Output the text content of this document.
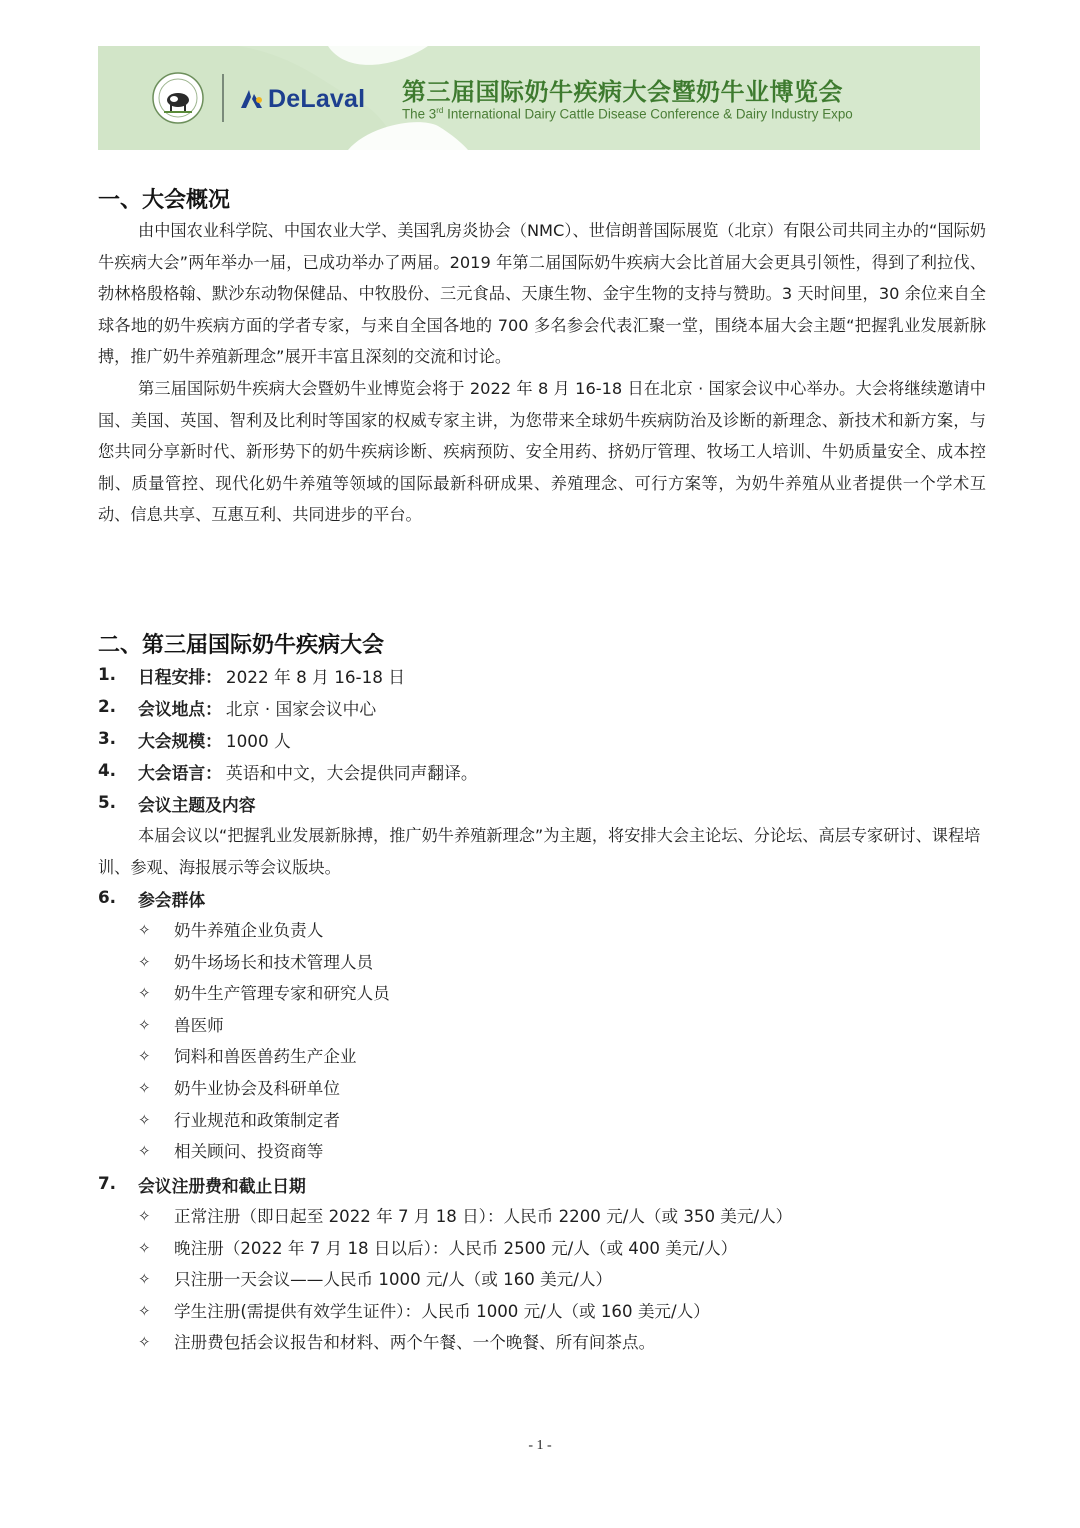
DeLaval 第三届国际奶牛疾病大会暨奶牛业博览会
The 3rd International Dairy Cattle Disease Conference & Dairy Industry Expo
一、大会概况

由中国农业科学院、中国农业大学、美国乳房炎协会（NMC）、世信朗普国际展览（北京）有限公司共同主办的“国际奶牛疾病大会”两年举办一届，已成功举办了两届。2019 年第二届国际奶牛疾病大会比首届大会更具引领性，得到了利拉伐、勃林格殷格翰、默沙东动物保健品、中牧股份、三元食品、天康生物、金宇生物的支持与赞助。3 天时间里，30 余位来自全球各地的奶牛疾病方面的学者专家，与来自全国各地的 700 多名参会代表汇聚一堂，围绕本届大会主题“把握乳业发展新脉搏，推广奶牛养殖新理念”展开丰富且深刻的交流和讨论。

第三届国际奶牛疾病大会暨奶牛业博览会将于 2022 年 8 月 16-18 日在北京 · 国家会议中心举办。大会将继续邀请中国、美国、英国、智利及比利时等国家的权威专家主讲，为您带来全球奶牛疾病防治及诊断的新理念、新技术和新方案，与您共同分享新时代、新形势下的奶牛疾病诊断、疾病预防、安全用药、挤奶厅管理、牧场工人培训、牛奶质量安全、成本控制、质量管控、现代化奶牛养殖等领域的国际最新科研成果、养殖理念、可行方案等，为奶牛养殖从业者提供一个学术互动、信息共享、互惠互利、共同进步的平台。

二、第三届国际奶牛疾病大会
1.	日程安排： 2022 年 8 月 16-18 日
2.	会议地点： 北京 · 国家会议中心
3.	大会规模： 1000 人
4.	大会语言： 英语和中文，大会提供同声翻译。
5.	会议主题及内容

本届会议以“把握乳业发展新脉搏，推广奶牛养殖新理念”为主题，将安排大会主论坛、分论坛、高层专家研讨、课程培训、参观、海报展示等会议版块。

6.	参会群体
✧	奶牛养殖企业负责人
✧	奶牛场场长和技术管理人员
✧	奶牛生产管理专家和研究人员
✧	兽医师
✧	饲料和兽医兽药生产企业
✧	奶牛业协会及科研单位
✧	行业规范和政策制定者
✧	相关顾问、投资商等
7.	会议注册费和截止日期
✧	正常注册（即日起至 2022 年 7 月 18 日）：人民币 2200 元/人（或 350 美元/人）
✧	晚注册（2022 年 7 月 18 日以后）：人民币 2500 元/人（或 400 美元/人）
✧	只注册一天会议——人民币 1000 元/人（或 160 美元/人）
✧	学生注册(需提供有效学生证件）：人民币 1000 元/人（或 160 美元/人）
✧	注册费包括会议报告和材料、两个午餐、一个晚餐、所有间茶点。
- 1 -
